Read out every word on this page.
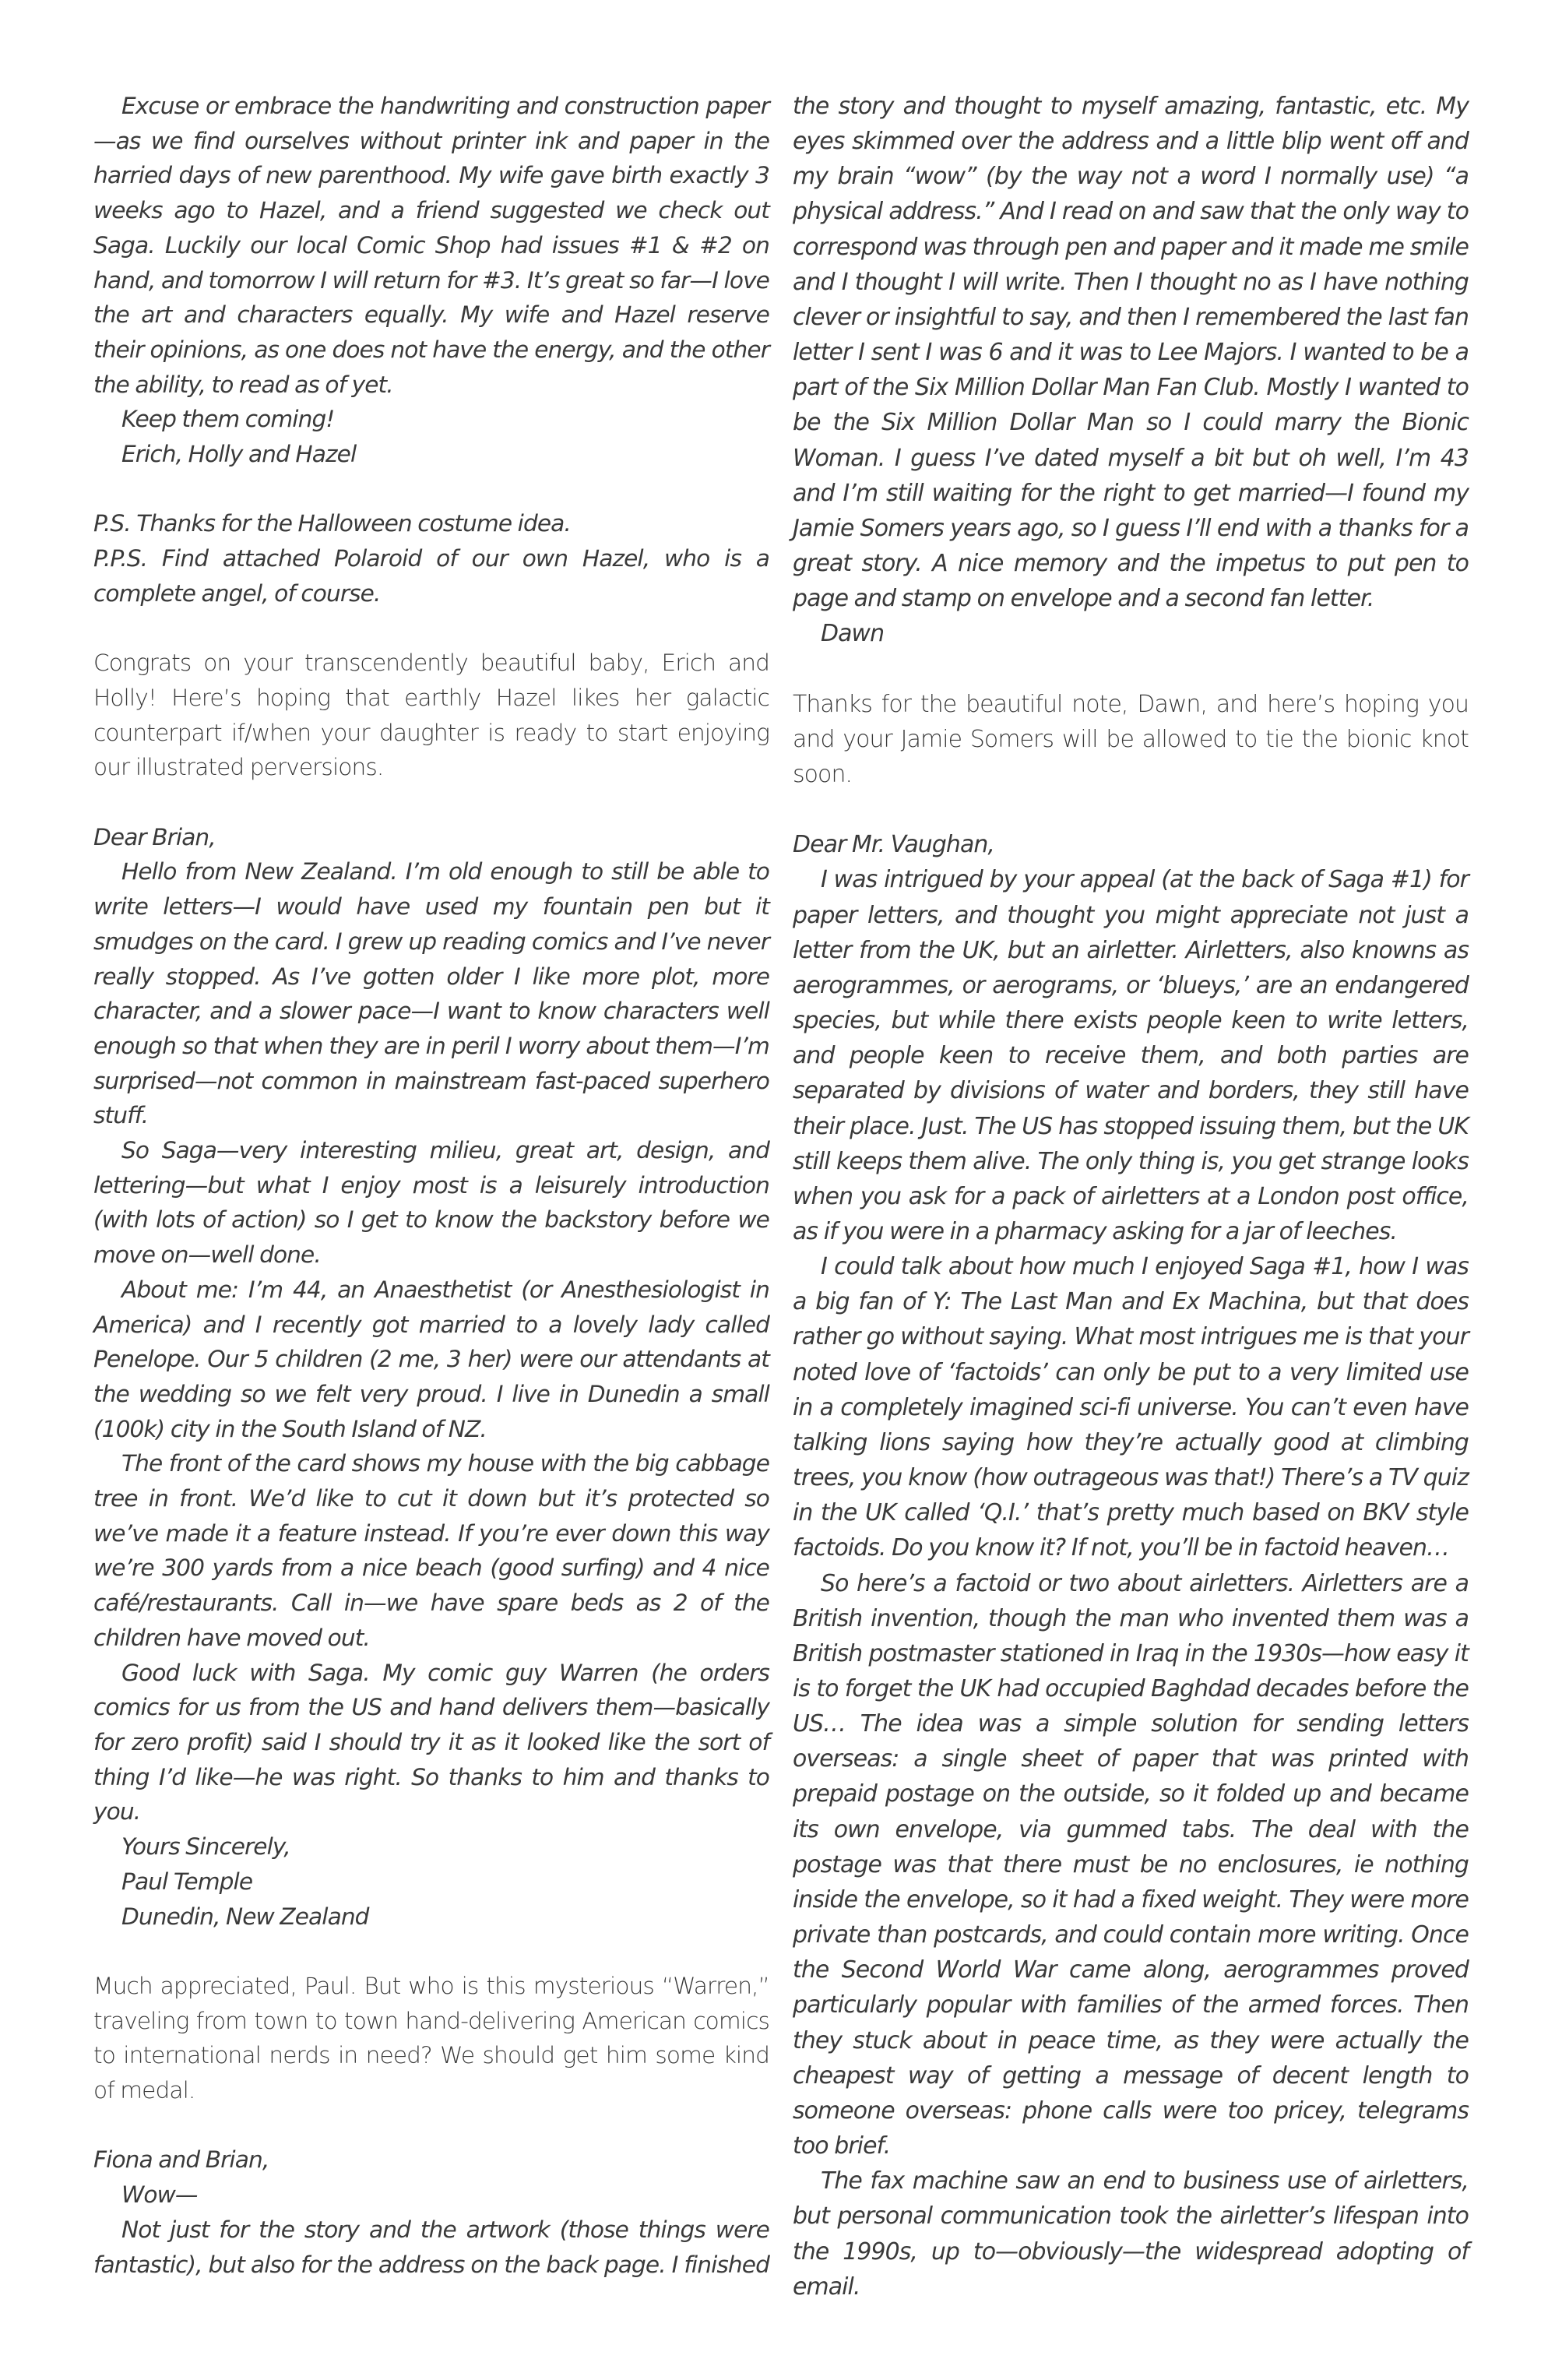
Excuse or embrace the handwriting and construction paper—as we find ourselves without printer ink and paper in the harried days of new parenthood. My wife gave birth exactly 3 weeks ago to Hazel, and a friend suggested we check out Saga. Luckily our local Comic Shop had issues #1 & #2 on hand, and tomorrow I will return for #3. It’s great so far—I love the art and characters equally. My wife and Hazel reserve their opinions, as one does not have the energy, and the other the ability, to read as of yet.

Keep them coming!

Erich, Holly and Hazel

P.S. Thanks for the Halloween costume idea.

P.P.S. Find attached Polaroid of our own Hazel, who is a complete angel, of course.

Congrats on your transcendently beautiful baby, Erich and Holly! Here’s hoping that earthly Hazel likes her galactic counterpart if/when your daughter is ready to start enjoying our illustrated perversions.

Dear Brian,

Hello from New Zealand. I’m old enough to still be able to write letters—I would have used my fountain pen but it smudges on the card. I grew up reading comics and I’ve never really stopped. As I’ve gotten older I like more plot, more character, and a slower pace—I want to know characters well enough so that when they are in peril I worry about them—I’m surprised—not common in mainstream fast-paced superhero stuff.

So Saga—very interesting milieu, great art, design, and lettering—but what I enjoy most is a leisurely introduction (with lots of action) so I get to know the backstory before we move on—well done.

About me: I’m 44, an Anaesthetist (or Anesthesiologist in America) and I recently got married to a lovely lady called Penelope. Our 5 children (2 me, 3 her) were our attendants at the wedding so we felt very proud. I live in Dunedin a small (100k) city in the South Island of NZ.

The front of the card shows my house with the big cabbage tree in front. We’d like to cut it down but it’s protected so we’ve made it a feature instead. If you’re ever down this way we’re 300 yards from a nice beach (good surfing) and 4 nice café/restaurants. Call in—we have spare beds as 2 of the children have moved out.

Good luck with Saga. My comic guy Warren (he orders comics for us from the US and hand delivers them—basically for zero profit) said I should try it as it looked like the sort of thing I’d like—he was right. So thanks to him and thanks to you.

Yours Sincerely,

Paul Temple

Dunedin, New Zealand

Much appreciated, Paul. But who is this mysterious “Warren,” traveling from town to town hand-delivering American comics to international nerds in need? We should get him some kind of medal.

Fiona and Brian,

Wow—

Not just for the story and the artwork (those things were fantastic), but also for the address on the back page. I finished

the story and thought to myself amazing, fantastic, etc. My eyes skimmed over the address and a little blip went off and my brain “wow” (by the way not a word I normally use) “a physical address.” And I read on and saw that the only way to correspond was through pen and paper and it made me smile and I thought I will write. Then I thought no as I have nothing clever or insightful to say, and then I remembered the last fan letter I sent I was 6 and it was to Lee Majors. I wanted to be a part of the Six Million Dollar Man Fan Club. Mostly I wanted to be the Six Million Dollar Man so I could marry the Bionic Woman. I guess I’ve dated myself a bit but oh well, I’m 43 and I’m still waiting for the right to get married—I found my Jamie Somers years ago, so I guess I’ll end with a thanks for a great story. A nice memory and the impetus to put pen to page and stamp on envelope and a second fan letter.

Dawn

Thanks for the beautiful note, Dawn, and here’s hoping you and your Jamie Somers will be allowed to tie the bionic knot soon.

Dear Mr. Vaughan,

I was intrigued by your appeal (at the back of Saga #1) for paper letters, and thought you might appreciate not just a letter from the UK, but an airletter. Airletters, also knowns as aerogrammes, or aerograms, or ‘blueys,’ are an endangered species, but while there exists people keen to write letters, and people keen to receive them, and both parties are separated by divisions of water and borders, they still have their place. Just. The US has stopped issuing them, but the UK still keeps them alive. The only thing is, you get strange looks when you ask for a pack of airletters at a London post office, as if you were in a pharmacy asking for a jar of leeches.

I could talk about how much I enjoyed Saga #1, how I was a big fan of Y: The Last Man and Ex Machina, but that does rather go without saying. What most intrigues me is that your noted love of ‘factoids’ can only be put to a very limited use in a completely imagined sci-fi universe. You can’t even have talking lions saying how they’re actually good at climbing trees, you know (how outrageous was that!) There’s a TV quiz in the UK called ‘Q.I.’ that’s pretty much based on BKV style factoids. Do you know it? If not, you’ll be in factoid heaven…

So here’s a factoid or two about airletters. Airletters are a British invention, though the man who invented them was a British postmaster stationed in Iraq in the 1930s—how easy it is to forget the UK had occupied Baghdad decades before the US… The idea was a simple solution for sending letters overseas: a single sheet of paper that was printed with prepaid postage on the outside, so it folded up and became its own envelope, via gummed tabs. The deal with the postage was that there must be no enclosures, ie nothing inside the envelope, so it had a fixed weight. They were more private than postcards, and could contain more writing. Once the Second World War came along, aerogrammes proved particularly popular with families of the armed forces. Then they stuck about in peace time, as they were actually the cheapest way of getting a message of decent length to someone overseas: phone calls were too pricey, telegrams too brief.

The fax machine saw an end to business use of airletters, but personal communication took the airletter’s lifespan into the 1990s, up to—obviously—the widespread adopting of email.
